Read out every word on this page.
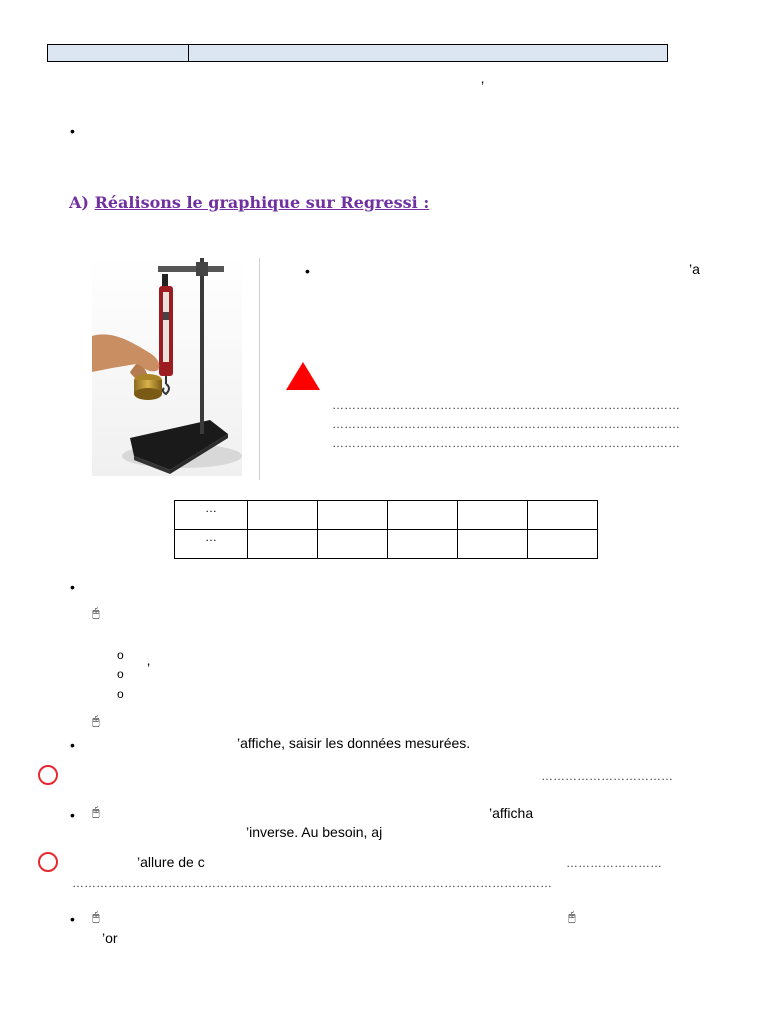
’
•
A) Réalisons le graphique sur Regressi :
•	’a
……………………………………………………………………………
……………………………………………………………………………
……………………………………………………………………………
…					
…					
•
🖰
o
o ’
o
🖰
•	’affiche, saisir les données mesurées.
……………………………
• 🖰	’afficha
’inverse. Au besoin, aj
’allure de c	……………………
…………………………………………………………………………………………………………
• 🖰	🖰
’or
